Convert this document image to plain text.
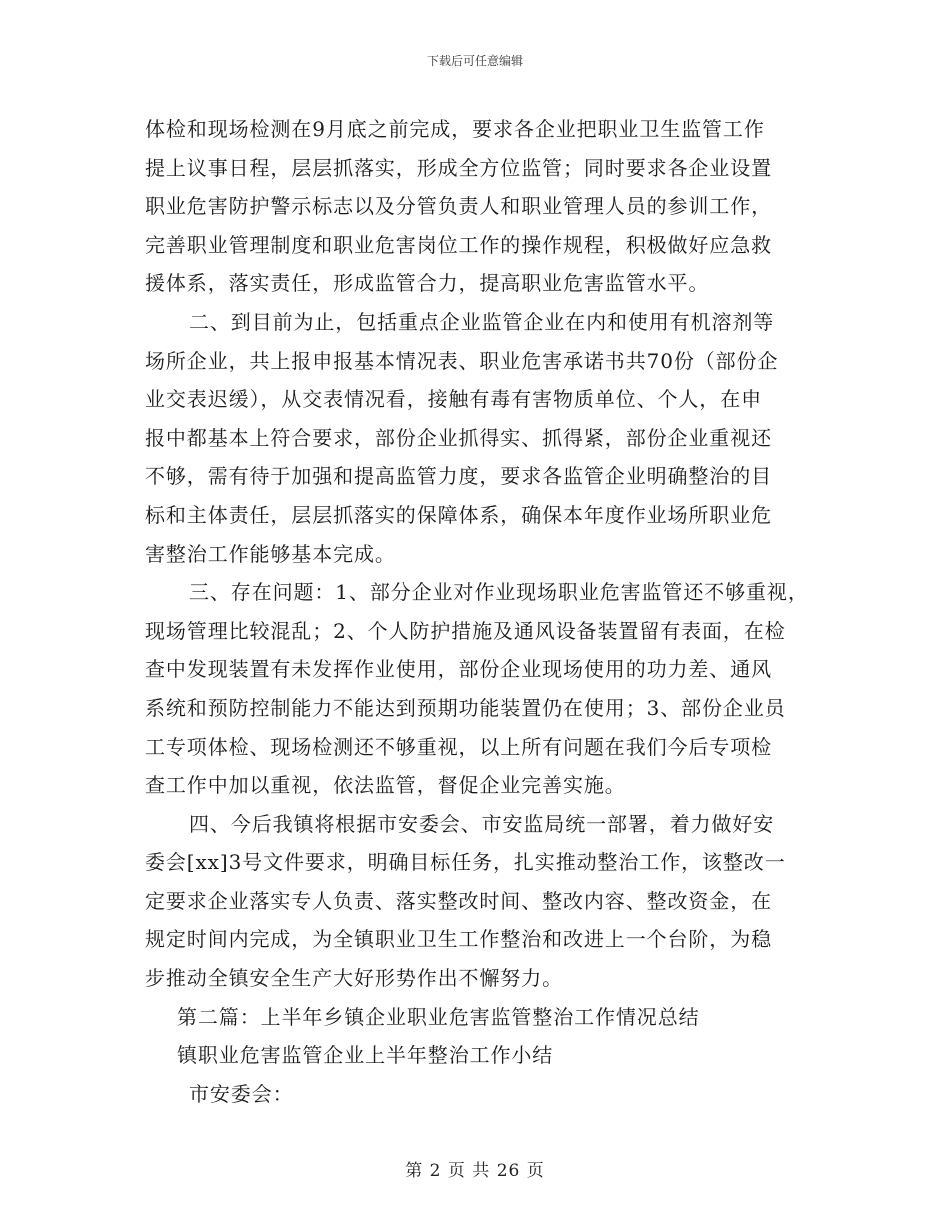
下载后可任意编辑
体检和现场检测在9月底之前完成，要求各企业把职业卫生监管工作
提上议事日程，层层抓落实，形成全方位监管；同时要求各企业设置
职业危害防护警示标志以及分管负责人和职业管理人员的参训工作，
完善职业管理制度和职业危害岗位工作的操作规程，积极做好应急救
援体系，落实责任，形成监管合力，提高职业危害监管水平。
二、到目前为止，包括重点企业监管企业在内和使用有机溶剂等
场所企业，共上报申报基本情况表、职业危害承诺书共70份（部份企
业交表迟缓），从交表情况看，接触有毒有害物质单位、个人，在申
报中都基本上符合要求，部份企业抓得实、抓得紧，部份企业重视还
不够，需有待于加强和提高监管力度，要求各监管企业明确整治的目
标和主体责任，层层抓落实的保障体系，确保本年度作业场所职业危
害整治工作能够基本完成。
三、存在问题：1、部分企业对作业现场职业危害监管还不够重视，
现场管理比较混乱；2、个人防护措施及通风设备装置留有表面，在检
查中发现装置有未发挥作业使用，部份企业现场使用的功力差、通风
系统和预防控制能力不能达到预期功能装置仍在使用；3、部份企业员
工专项体检、现场检测还不够重视，以上所有问题在我们今后专项检
查工作中加以重视，依法监管，督促企业完善实施。
四、今后我镇将根据市安委会、市安监局统一部署，着力做好安
委会[xx]3号文件要求，明确目标任务，扎实推动整治工作，该整改一
定要求企业落实专人负责、落实整改时间、整改内容、整改资金，在
规定时间内完成，为全镇职业卫生工作整治和改进上一个台阶，为稳
步推动全镇安全生产大好形势作出不懈努力。
第二篇：上半年乡镇企业职业危害监管整治工作情况总结
镇职业危害监管企业上半年整治工作小结
市安委会：
第 2 页 共 26 页
